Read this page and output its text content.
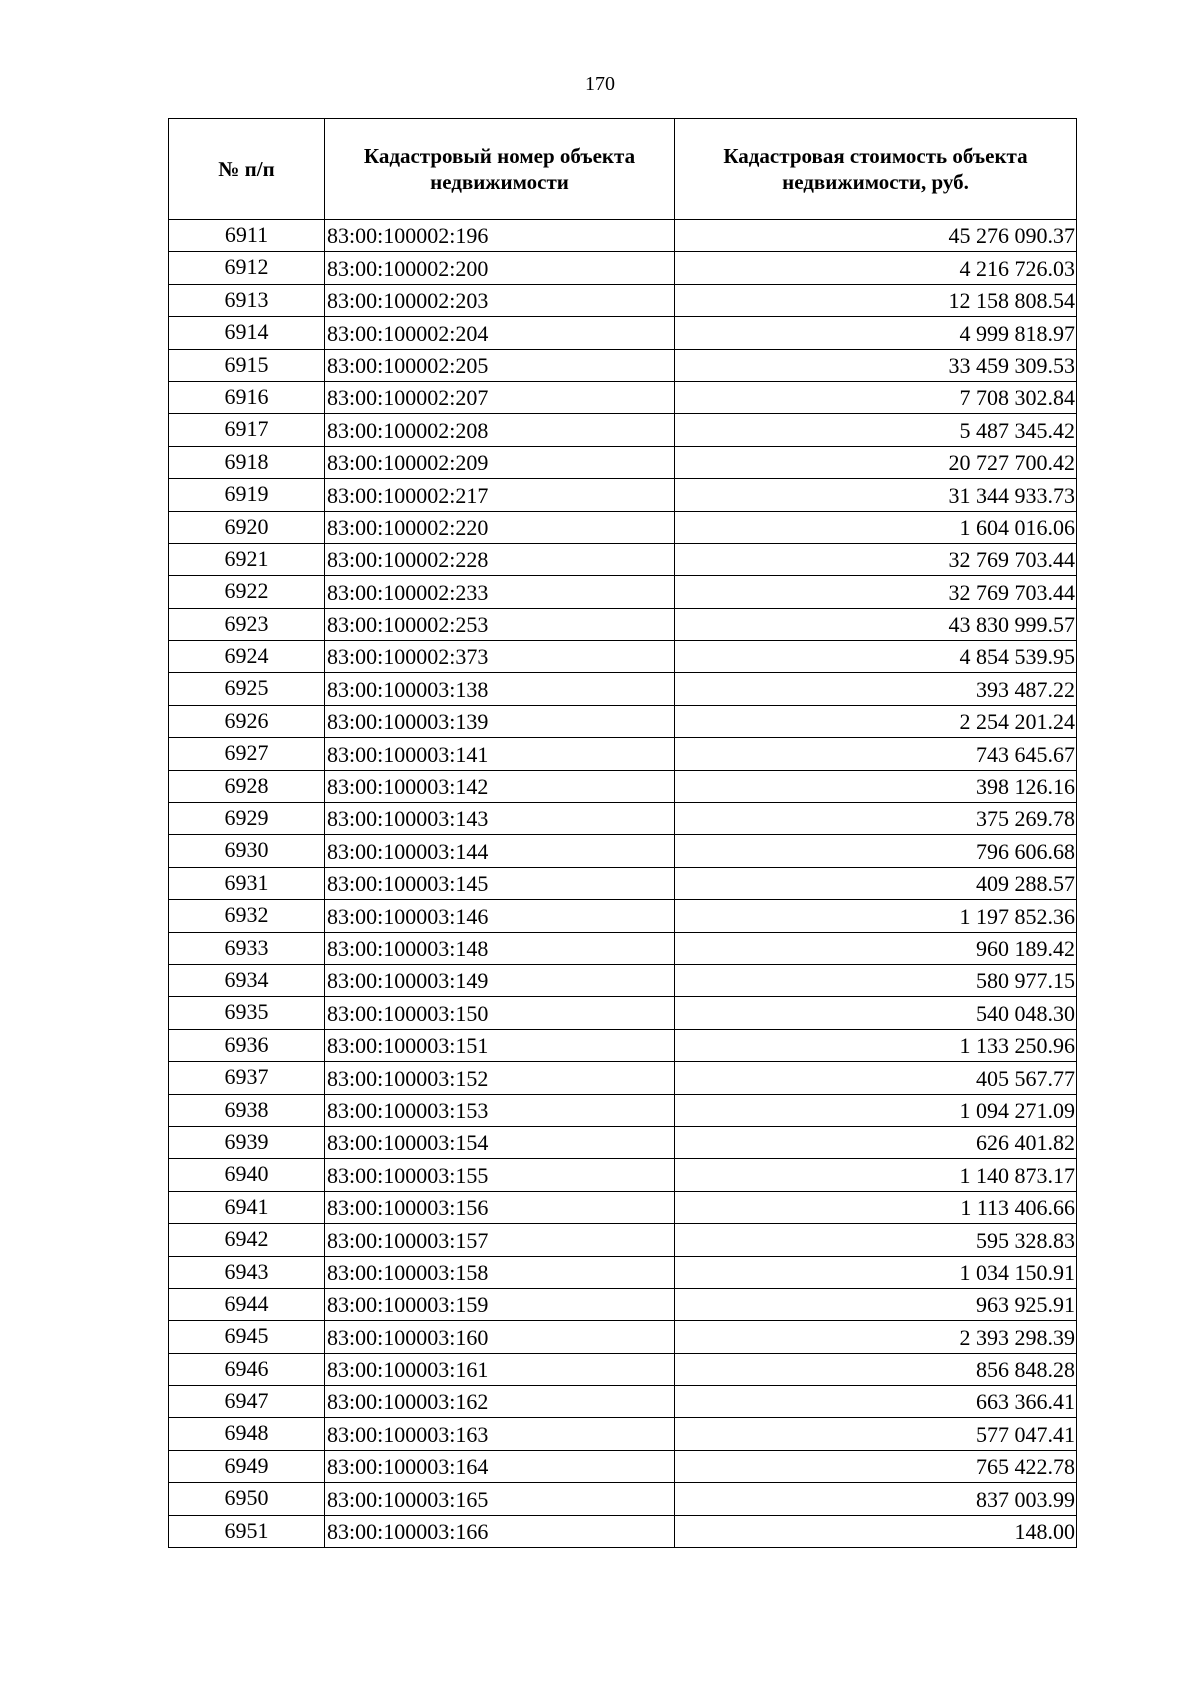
170
№ п/п	Кадастровый номер объекта недвижимости	Кадастровая стоимость объекта недвижимости, руб.
6911	83:00:100002:196	45 276 090.37
6912	83:00:100002:200	4 216 726.03
6913	83:00:100002:203	12 158 808.54
6914	83:00:100002:204	4 999 818.97
6915	83:00:100002:205	33 459 309.53
6916	83:00:100002:207	7 708 302.84
6917	83:00:100002:208	5 487 345.42
6918	83:00:100002:209	20 727 700.42
6919	83:00:100002:217	31 344 933.73
6920	83:00:100002:220	1 604 016.06
6921	83:00:100002:228	32 769 703.44
6922	83:00:100002:233	32 769 703.44
6923	83:00:100002:253	43 830 999.57
6924	83:00:100002:373	4 854 539.95
6925	83:00:100003:138	393 487.22
6926	83:00:100003:139	2 254 201.24
6927	83:00:100003:141	743 645.67
6928	83:00:100003:142	398 126.16
6929	83:00:100003:143	375 269.78
6930	83:00:100003:144	796 606.68
6931	83:00:100003:145	409 288.57
6932	83:00:100003:146	1 197 852.36
6933	83:00:100003:148	960 189.42
6934	83:00:100003:149	580 977.15
6935	83:00:100003:150	540 048.30
6936	83:00:100003:151	1 133 250.96
6937	83:00:100003:152	405 567.77
6938	83:00:100003:153	1 094 271.09
6939	83:00:100003:154	626 401.82
6940	83:00:100003:155	1 140 873.17
6941	83:00:100003:156	1 113 406.66
6942	83:00:100003:157	595 328.83
6943	83:00:100003:158	1 034 150.91
6944	83:00:100003:159	963 925.91
6945	83:00:100003:160	2 393 298.39
6946	83:00:100003:161	856 848.28
6947	83:00:100003:162	663 366.41
6948	83:00:100003:163	577 047.41
6949	83:00:100003:164	765 422.78
6950	83:00:100003:165	837 003.99
6951	83:00:100003:166	148.00
